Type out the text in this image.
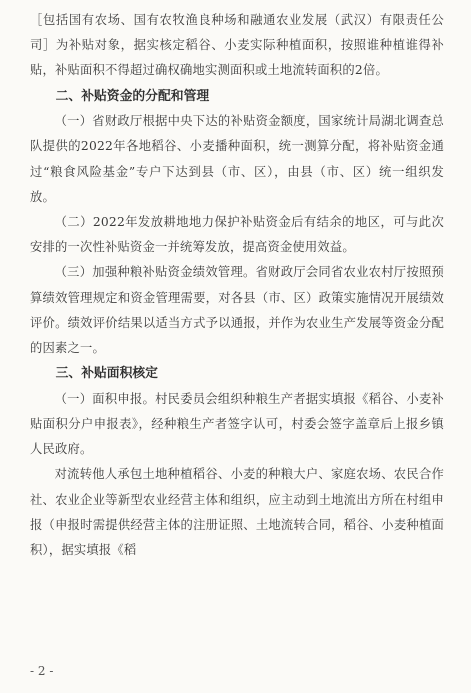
［包括国有农场、国有农牧渔良种场和融通农业发展（武汉）有限责任公司］为补贴对象，据实核定稻谷、小麦实际种植面积，按照谁种植谁得补贴，补贴面积不得超过确权确地实测面积或土地流转面积的2倍。

二、补贴资金的分配和管理

（一）省财政厅根据中央下达的补贴资金额度，国家统计局湖北调查总队提供的2022年各地稻谷、小麦播种面积，统一测算分配，将补贴资金通过“粮食风险基金”专户下达到县（市、区），由县（市、区）统一组织发放。

（二）2022年发放耕地地力保护补贴资金后有结余的地区，可与此次安排的一次性补贴资金一并统筹发放，提高资金使用效益。

（三）加强种粮补贴资金绩效管理。省财政厅会同省农业农村厅按照预算绩效管理规定和资金管理需要，对各县（市、区）政策实施情况开展绩效评价。绩效评价结果以适当方式予以通报，并作为农业生产发展等资金分配的因素之一。

三、补贴面积核定

（一）面积申报。村民委员会组织种粮生产者据实填报《稻谷、小麦补贴面积分户申报表》，经种粮生产者签字认可，村委会签字盖章后上报乡镇人民政府。

对流转他人承包土地种植稻谷、小麦的种粮大户、家庭农场、农民合作社、农业企业等新型农业经营主体和组织，应主动到土地流出方所在村组申报（申报时需提供经营主体的注册证照、土地流转合同，稻谷、小麦种植面积），据实填报《稻

- 2 -
